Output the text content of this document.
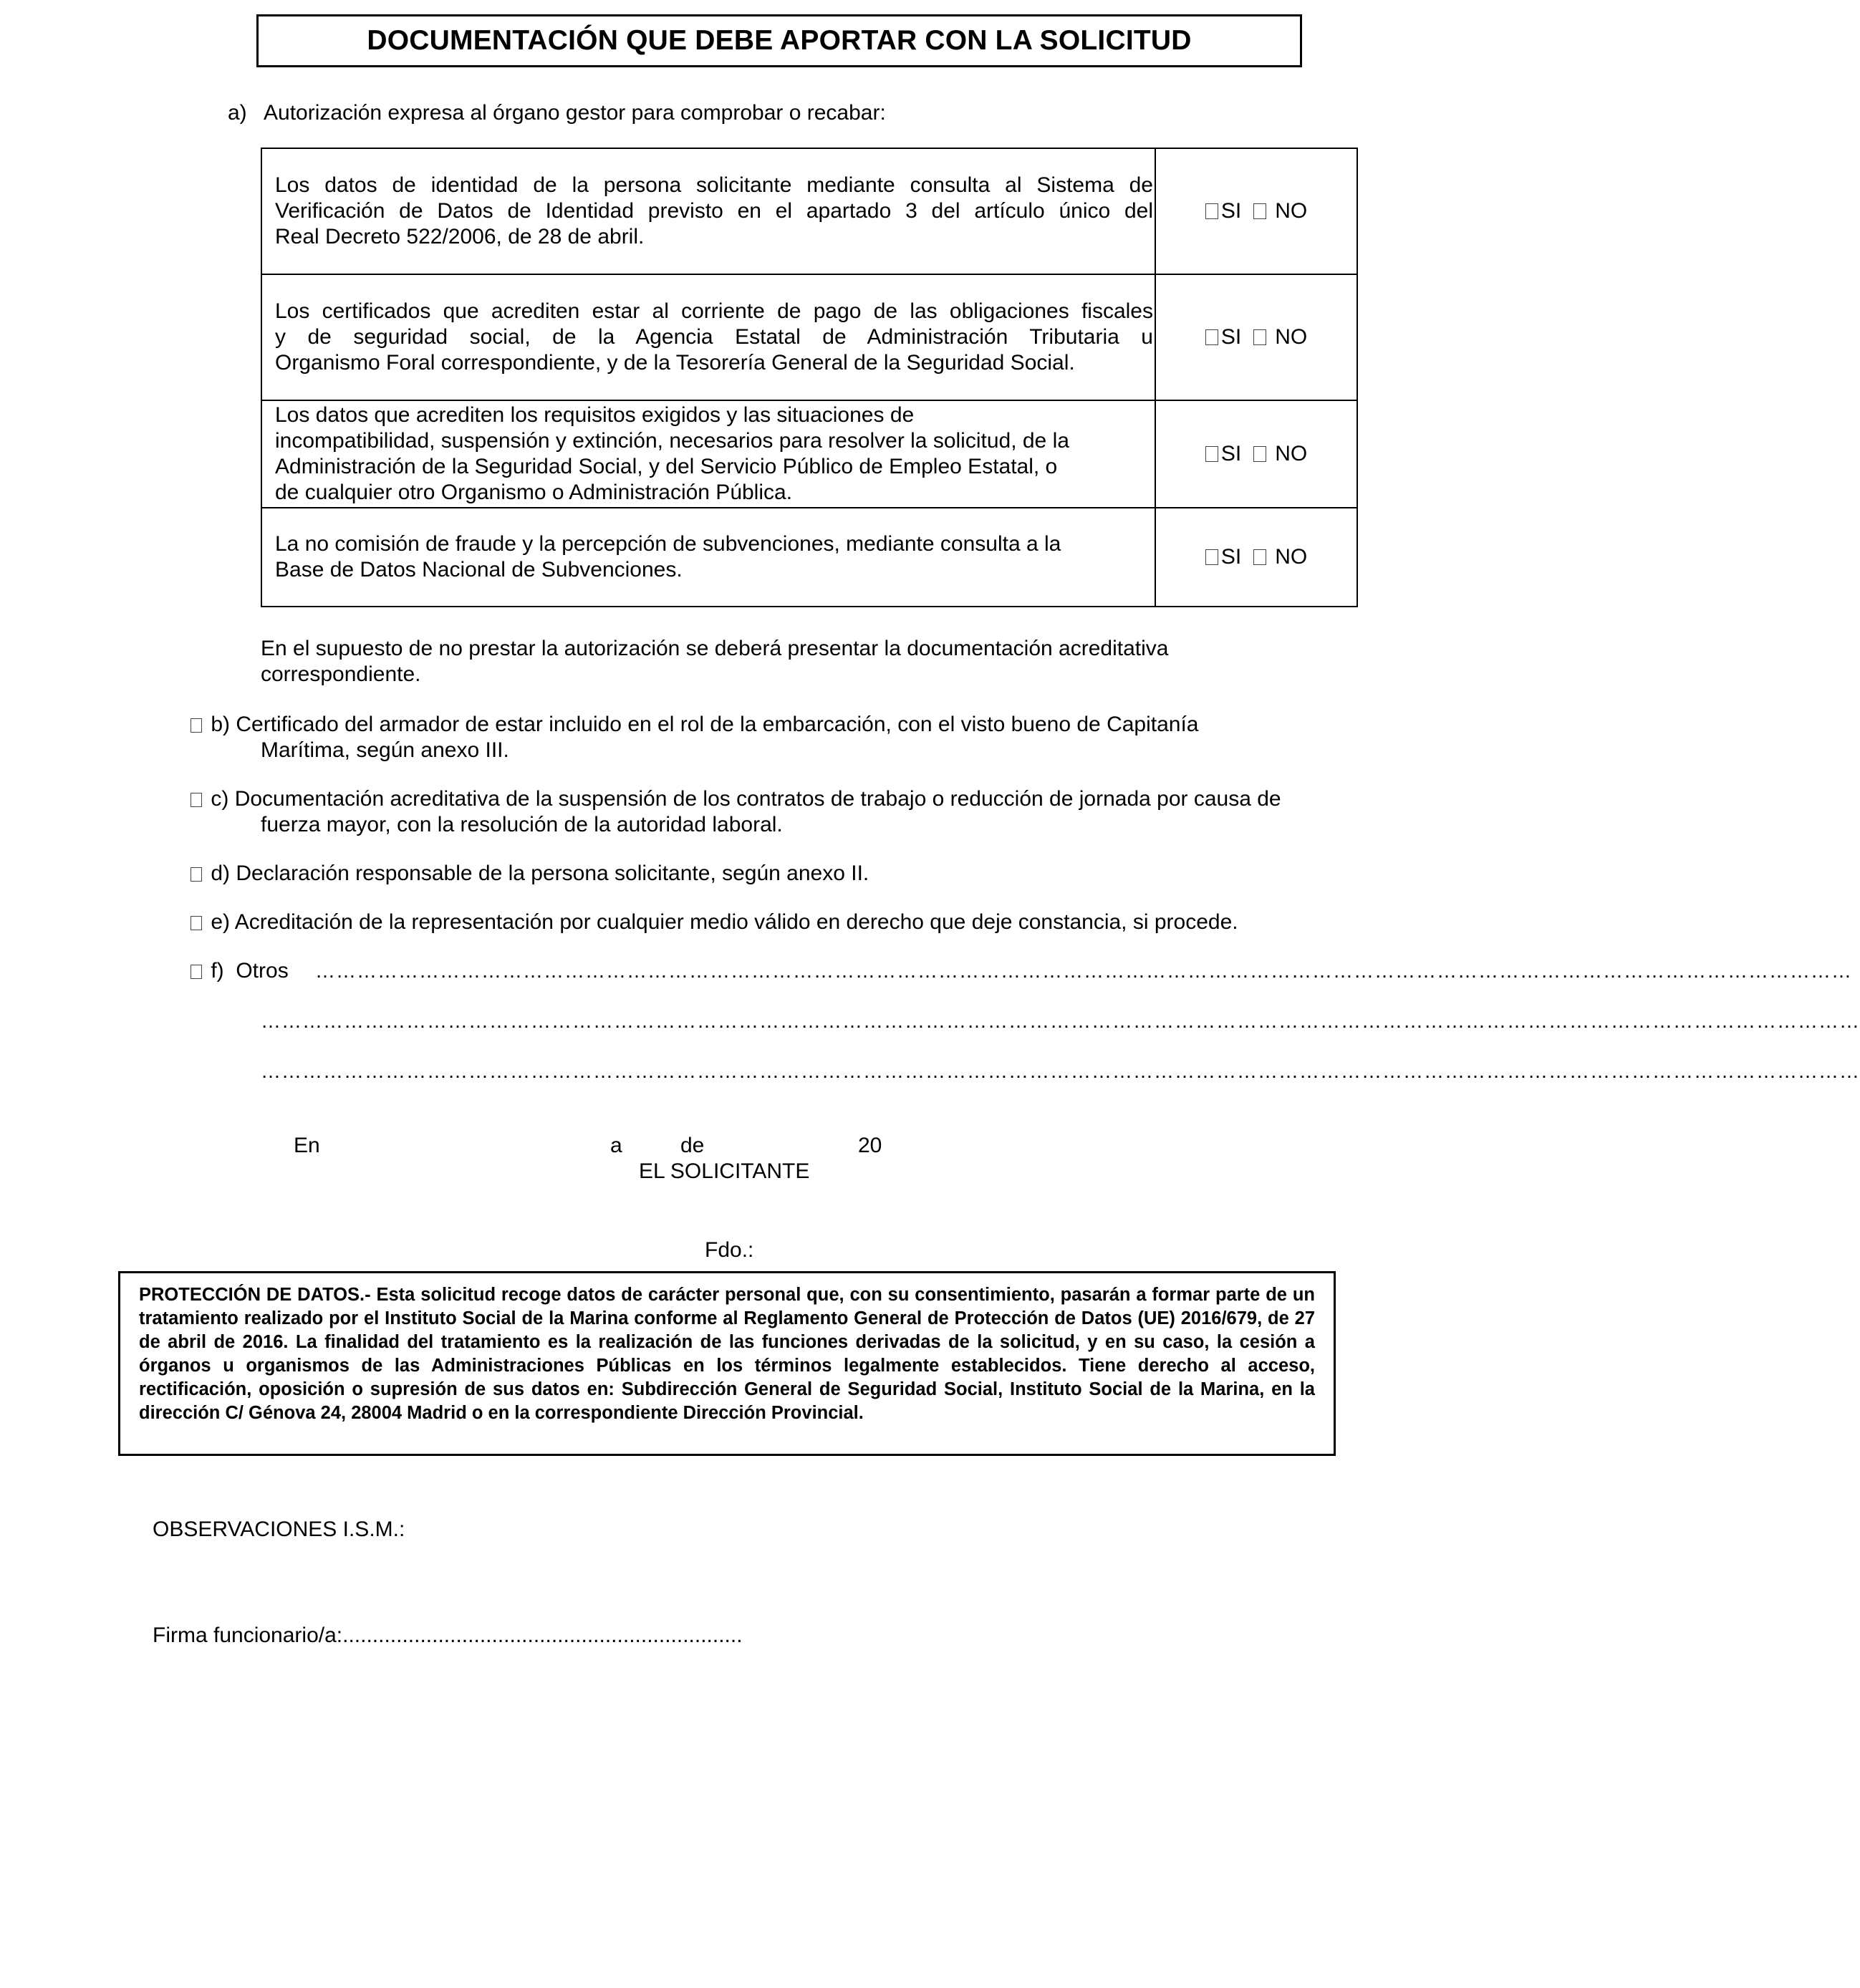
DOCUMENTACIÓN QUE DEBE APORTAR CON LA SOLICITUD
a) Autorización expresa al órgano gestor para comprobar o recabar:
Los datos de identidad de la persona solicitante mediante consulta al Sistema de
Verificación de Datos de Identidad previsto en el apartado 3 del artículo único del
Real Decreto 522/2006, de 28 de abril.	SI NO

Los certificados que acrediten estar al corriente de pago de las obligaciones fiscales
y de seguridad social, de la Agencia Estatal de Administración Tributaria u
Organismo Foral correspondiente, y de la Tesorería General de la Seguridad Social.	SI NO

Los datos que acrediten los requisitos exigidos y las situaciones de
incompatibilidad, suspensión y extinción, necesarios para resolver la solicitud, de la
Administración de la Seguridad Social, y del Servicio Público de Empleo Estatal, o
de cualquier otro Organismo o Administración Pública.	SI NO

La no comisión de fraude y la percepción de subvenciones, mediante consulta a la
Base de Datos Nacional de Subvenciones.	SI NO
En el supuesto de no prestar la autorización se deberá presentar la documentación acreditativa
correspondiente.
b) Certificado del armador de estar incluido en el rol de la embarcación, con el visto bueno de Capitanía
Marítima, según anexo III.
c) Documentación acreditativa de la suspensión de los contratos de trabajo o reducción de jornada por causa de
fuerza mayor, con la resolución de la autoridad laboral.
d) Declaración responsable de la persona solicitante, según anexo II.
e) Acreditación de la representación por cualquier medio válido en derecho que deje constancia, si procede.
f) Otros ……………………………………………………………………………………………………………………………………………………………………………………………………
……………………………………………………………………………………………………………………………………………………………………………………………………………
……………………………………………………………………………………………………………………………………………………………………………………………………………
En	a	de	20
EL SOLICITANTE
Fdo.:
PROTECCIÓN DE DATOS.- Esta solicitud recoge datos de carácter personal que, con su consentimiento, pasarán a formar parte de un tratamiento realizado por el Instituto Social de la Marina conforme al Reglamento General de Protección de Datos (UE) 2016/679, de 27 de abril de 2016. La finalidad del tratamiento es la realización de las funciones derivadas de la solicitud, y en su caso, la cesión a órganos u organismos de las Administraciones Públicas en los términos legalmente establecidos. Tiene derecho al acceso, rectificación, oposición o supresión de sus datos en: Subdirección General de Seguridad Social, Instituto Social de la Marina, en la dirección C/ Génova 24, 28004 Madrid o en la correspondiente Dirección Provincial.
OBSERVACIONES I.S.M.:
Firma funcionario/a:...................................................................
